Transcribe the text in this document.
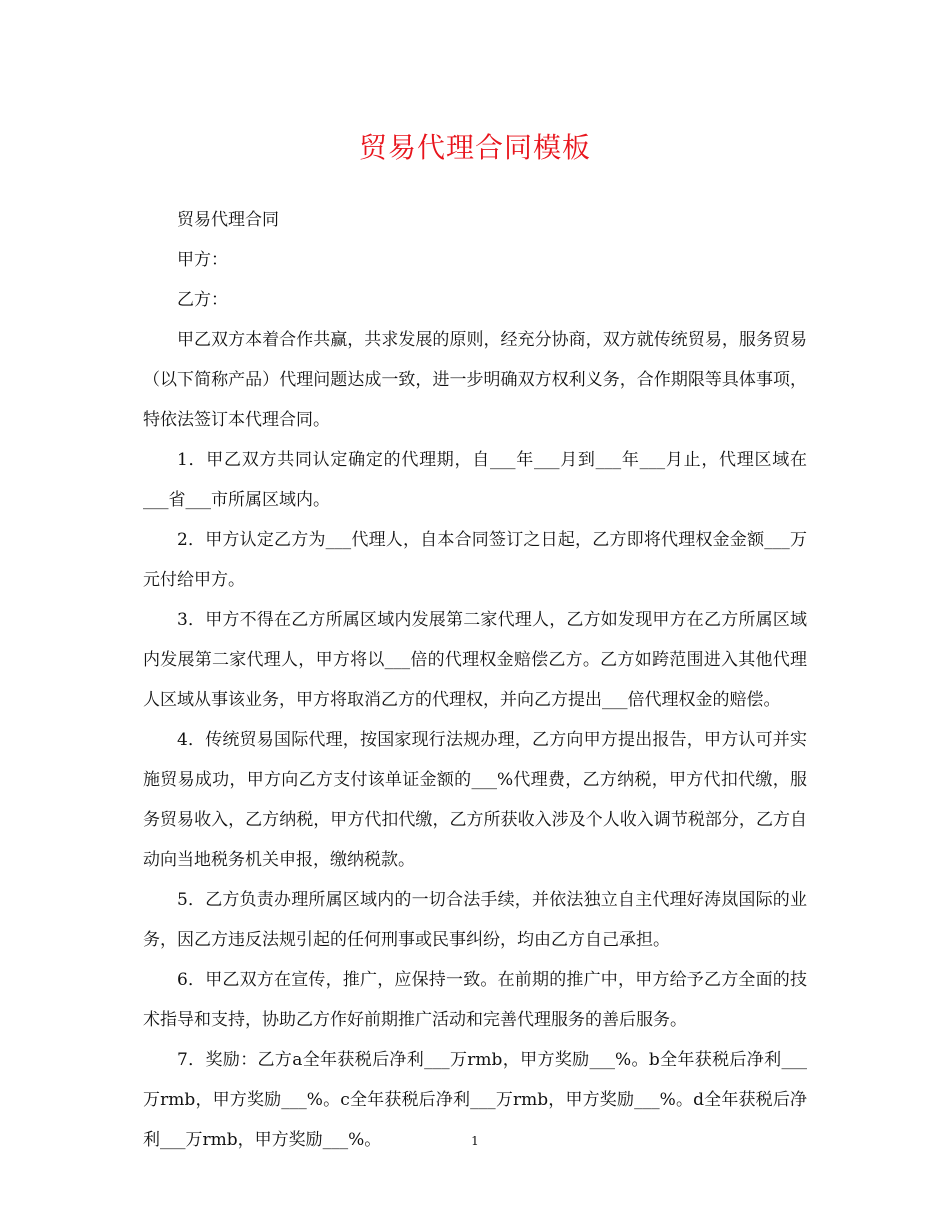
贸易代理合同模板

贸易代理合同

甲方：

乙方：

甲乙双方本着合作共赢，共求发展的原则，经充分协商，双方就传统贸易，服务贸易（以下简称产品）代理问题达成一致，进一步明确双方权利义务，合作期限等具体事项，特依法签订本代理合同。

1．甲乙双方共同认定确定的代理期，自___年___月到___年___月止，代理区域在___省___市所属区域内。

2．甲方认定乙方为___代理人，自本合同签订之日起，乙方即将代理权金金额___万元付给甲方。

3．甲方不得在乙方所属区域内发展第二家代理人，乙方如发现甲方在乙方所属区域内发展第二家代理人，甲方将以___倍的代理权金赔偿乙方。乙方如跨范围进入其他代理人区域从事该业务，甲方将取消乙方的代理权，并向乙方提出___倍代理权金的赔偿。

4．传统贸易国际代理，按国家现行法规办理，乙方向甲方提出报告，甲方认可并实施贸易成功，甲方向乙方支付该单证金额的___%代理费，乙方纳税，甲方代扣代缴，服务贸易收入，乙方纳税，甲方代扣代缴，乙方所获收入涉及个人收入调节税部分，乙方自动向当地税务机关申报，缴纳税款。

5．乙方负责办理所属区域内的一切合法手续，并依法独立自主代理好涛岚国际的业务，因乙方违反法规引起的任何刑事或民事纠纷，均由乙方自己承担。

6．甲乙双方在宣传，推广，应保持一致。在前期的推广中，甲方给予乙方全面的技术指导和支持，协助乙方作好前期推广活动和完善代理服务的善后服务。

7．奖励：乙方a全年获税后净利___万rmb，甲方奖励___%。b全年获税后净利___万rmb，甲方奖励___%。c全年获税后净利___万rmb，甲方奖励___%。d全年获税后净利___万rmb，甲方奖励___%。	1
